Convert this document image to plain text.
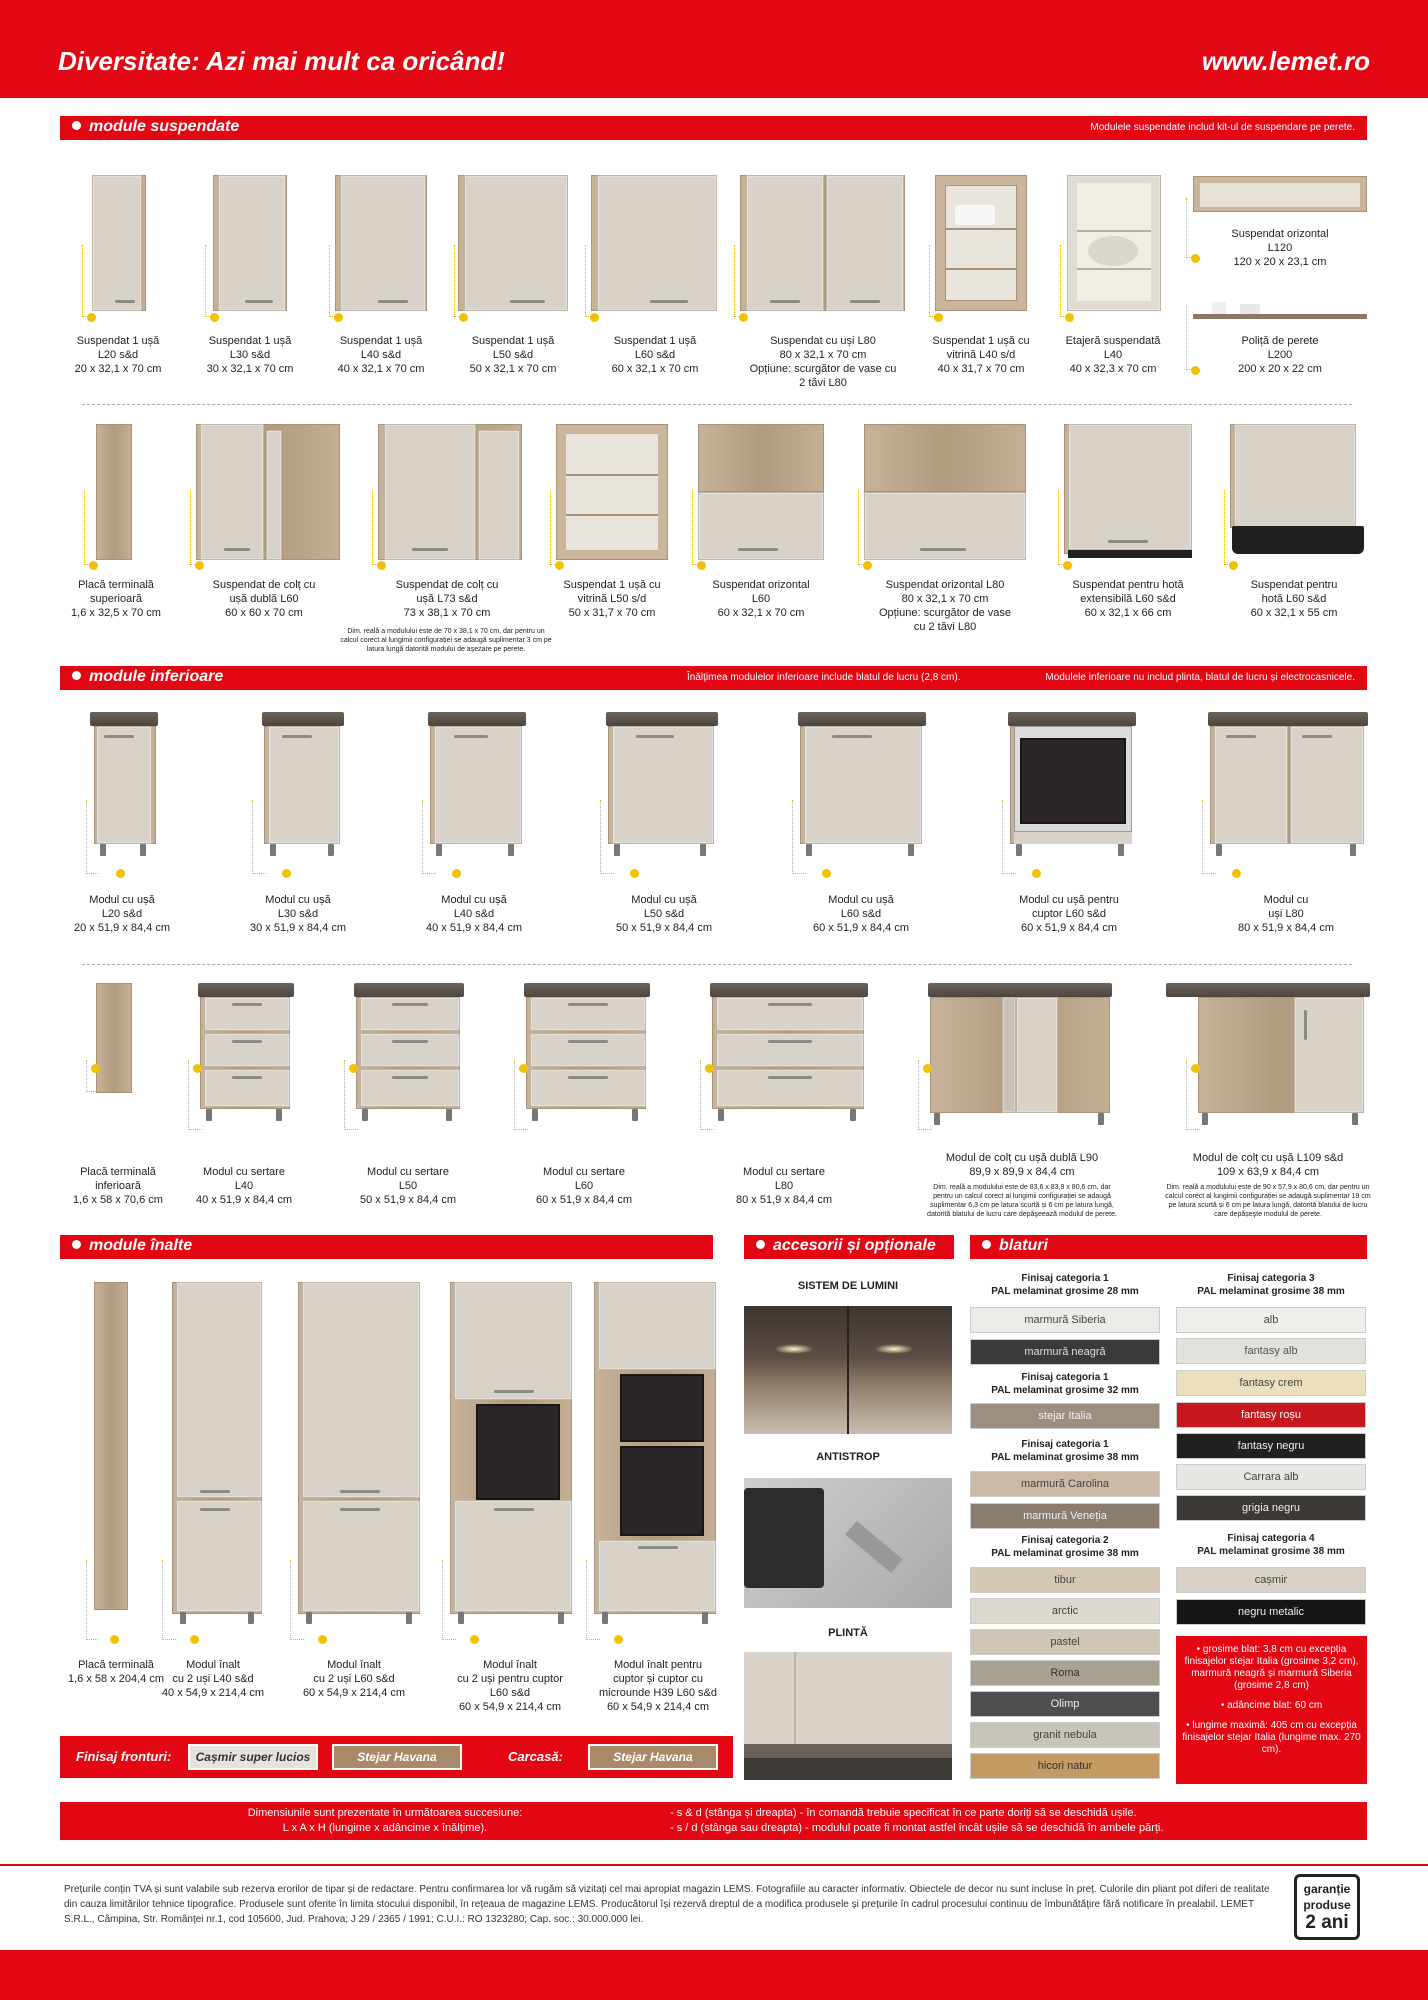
Diversitate: Azi mai mult ca oricând!	www.lemet.ro
module suspendate	Modulele suspendate includ kit-ul de suspendare pe perete.
Suspendat 1 ușă
L20 s&d
20 x 32,1 x 70 cm
Suspendat 1 ușă
L30 s&d
30 x 32,1 x 70 cm
Suspendat 1 ușă
L40 s&d
40 x 32,1 x 70 cm
Suspendat 1 ușă
L50 s&d
50 x 32,1 x 70 cm
Suspendat 1 ușă
L60 s&d
60 x 32,1 x 70 cm
Suspendat cu uși L80
80 x 32,1 x 70 cm
Opțiune: scurgător de vase cu
2 tăvi L80
Suspendat 1 ușă cu
vitrină L40 s/d
40 x 31,7 x 70 cm
Etajeră suspendată
L40
40 x 32,3 x 70 cm
Suspendat orizontal
L120
120 x 20 x 23,1 cm
Poliță de perete
L200
200 x 20 x 22 cm
Placă terminală
superioară
1,6 x 32,5 x 70 cm
Suspendat de colț cu
ușă dublă L60
60 x 60 x 70 cm
Suspendat de colț cu
ușă L73 s&d
73 x 38,1 x 70 cm
Dim. reală a modulului este de 70 x 38,1 x 70 cm, dar pentru un calcul corect al lungimii configurației se adaugă suplimentar 3 cm pe latura lungă datorită modului de așezare pe perete.
Suspendat 1 ușă cu
vitrină L50 s/d
50 x 31,7 x 70 cm
Suspendat orizontal
L60
60 x 32,1 x 70 cm
Suspendat orizontal L80
80 x 32,1 x 70 cm
Opțiune: scurgător de vase
cu 2 tăvi L80
Suspendat pentru hotă
extensibilă L60 s&d
60 x 32,1 x 66 cm
Suspendat pentru
hotă L60 s&d
60 x 32,1 x 55 cm
module inferioare	Înălțimea modulelor inferioare include blatul de lucru (2,8 cm).	Modulele inferioare nu includ plinta, blatul de lucru și electrocasnicele.
Modul cu ușă
L20 s&d
20 x 51,9 x 84,4 cm
Modul cu ușă
L30 s&d
30 x 51,9 x 84,4 cm
Modul cu ușă
L40 s&d
40 x 51,9 x 84,4 cm
Modul cu ușă
L50 s&d
50 x 51,9 x 84,4 cm
Modul cu ușă
L60 s&d
60 x 51,9 x 84,4 cm
Modul cu ușă pentru
cuptor L60 s&d
60 x 51,9 x 84,4 cm
Modul cu
uși L80
80 x 51,9 x 84,4 cm
Placă terminală
inferioară
1,6 x 58 x 70,6 cm
Modul cu sertare
L40
40 x 51,9 x 84,4 cm
Modul cu sertare
L50
50 x 51,9 x 84,4 cm
Modul cu sertare
L60
60 x 51,9 x 84,4 cm
Modul cu sertare
L80
80 x 51,9 x 84,4 cm
Modul de colț cu ușă dublă L90
89,9 x 89,9 x 84,4 cm
Dim. reală a modulului este de 83,6 x 83,9 x 80,6 cm, dar pentru un calcul corect al lungimii configurației se adaugă suplimentar 6,3 cm pe latura scurtă și 6 cm pe latura lungă, datorită blatului de lucru care depăşeează modulul de perete.
Modul de colț cu ușă L109 s&d
109 x 63,9 x 84,4 cm
Dim. reală a modulului este de 90 x 57,9 x 80,6 cm, dar pentru un calcul corect al lungimii configurației se adaugă suplimentar 19 cm pe latura scurtă și 6 cm pe latura lungă, datorită blatului de lucru care depășeşte modulul de perete.
module înalte	accesorii și opționale	blaturi
Placă terminală
1,6 x 58 x 204,4 cm
Modul înalt
cu 2 uși L40 s&d
40 x 54,9 x 214,4 cm
Modul înalt
cu 2 uși L60 s&d
60 x 54,9 x 214,4 cm
Modul înalt
cu 2 uși pentru cuptor
L60 s&d
60 x 54,9 x 214,4 cm
Modul înalt pentru
cuptor și cuptor cu
microunde H39 L60 s&d
60 x 54,9 x 214,4 cm
Finisaj fronturi:	Cașmir super lucios	Stejar Havana	Carcasă:	Stejar Havana
SISTEM DE LUMINI
ANTISTROP
PLINTĂ
Finisaj categoria 1
PAL melaminat grosime 28 mm
marmură Siberia
marmură neagră
Finisaj categoria 1
PAL melaminat grosime 32 mm
stejar Italia
Finisaj categoria 1
PAL melaminat grosime 38 mm
marmură Carolina
marmură Veneția
Finisaj categoria 2
PAL melaminat grosime 38 mm
tibur
arctic
pastel
Roma
Olimp
granit nebula
hicori natur
Finisaj categoria 3
PAL melaminat grosime 38 mm
alb
fantasy alb
fantasy crem
fantasy roșu
fantasy negru
Carrara alb
grigia negru
Finisaj categoria 4
PAL melaminat grosime 38 mm
cașmir
negru metalic
• grosime blat: 3,8 cm cu excepția finisajelor stejar Italia (grosime 3,2 cm), marmură neagră și marmură Siberia (grosime 2,8 cm)
• adâncime blat: 60 cm
• lungime maximă: 405 cm cu excepția finisajelor stejar Italia (lungime max. 270 cm).
Dimensiunile sunt prezentate în următoarea succesiune:
L x A x H (lungime x adâncime x înălțime).
- s & d (stânga și dreapta) - în comandă trebuie specificat în ce parte doriți să se deschidă ușile.
- s / d (stânga sau dreapta) - modulul poate fi montat astfel încât ușile să se deschidă în ambele părți.
Prețurile conțin TVA și sunt valabile sub rezerva erorilor de tipar și de redactare. Pentru confirmarea lor vă rugăm să vizitați cel mai apropiat magazin LEMS. Fotografiile au caracter informativ. Obiectele de decor nu sunt incluse în preț. Culorile din pliant pot diferi de realitate din cauza limitărilor tehnice tipografice. Produsele sunt oferite în limita stocului disponibil, în rețeaua de magazine LEMS. Producătorul își rezervă dreptul de a modifica produsele și prețurile în cadrul procesului continuu de îmbunătățire fără notificare în prealabil. LEMET S.R.L., Câmpina, Str. Românței nr.1, cod 105600, Jud. Prahova; J 29 / 2365 / 1991; C.U.I.: RO 1323280; Cap. soc.: 30.000.000 lei.
garanție
produse
2 ani
